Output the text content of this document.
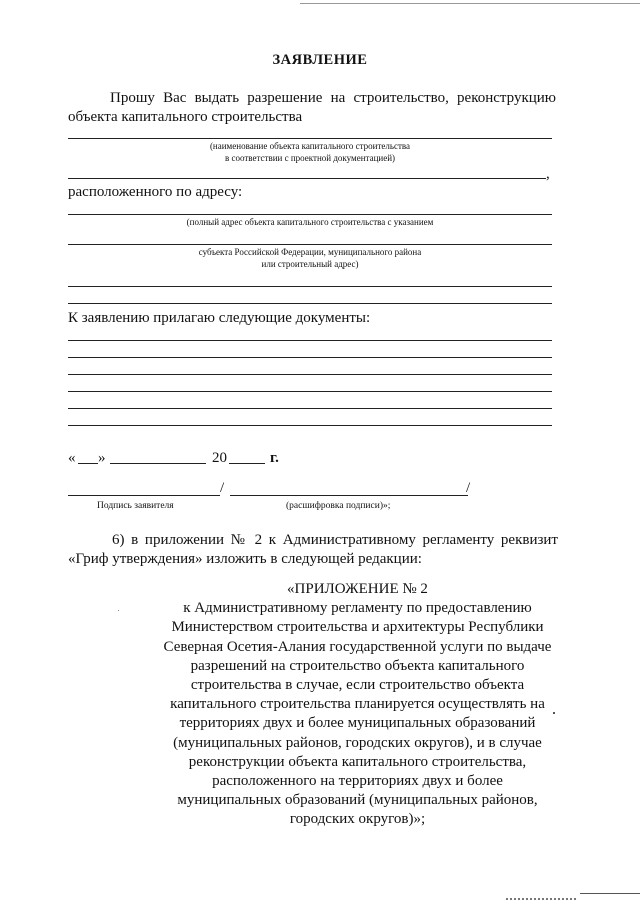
ЗАЯВЛЕНИЕ
Прошу Вас выдать разрешение на строительство, реконструкцию
объекта капитального строительства
(наименование объекта капитального строительства
в соответствии с проектной документацией)
,
расположенного по адресу:
(полный адрес объекта капитального строительства с указанием
субъекта Российской Федерации, муниципального района
или строительный адрес)
К заявлению прилагаю следующие документы:
« »	20	г.
/	/
Подпись заявителя	(расшифровка подписи)»;
6) в приложении № 2 к Административному регламенту реквизит
«Гриф утверждения» изложить в следующей редакции:
«ПРИЛОЖЕНИЕ № 2
к Административному регламенту по предоставлению
Министерством строительства и архитектуры Республики
Северная Осетия-Алания государственной услуги по выдаче
разрешений на строительство объекта капитального
строительства в случае, если строительство объекта
капитального строительства планируется осуществлять на
территориях двух и более муниципальных образований
(муниципальных районов, городских округов), и в случае
реконструкции объекта капитального строительства,
расположенного на территориях двух и более
муниципальных образований (муниципальных районов,
городских округов)»;
